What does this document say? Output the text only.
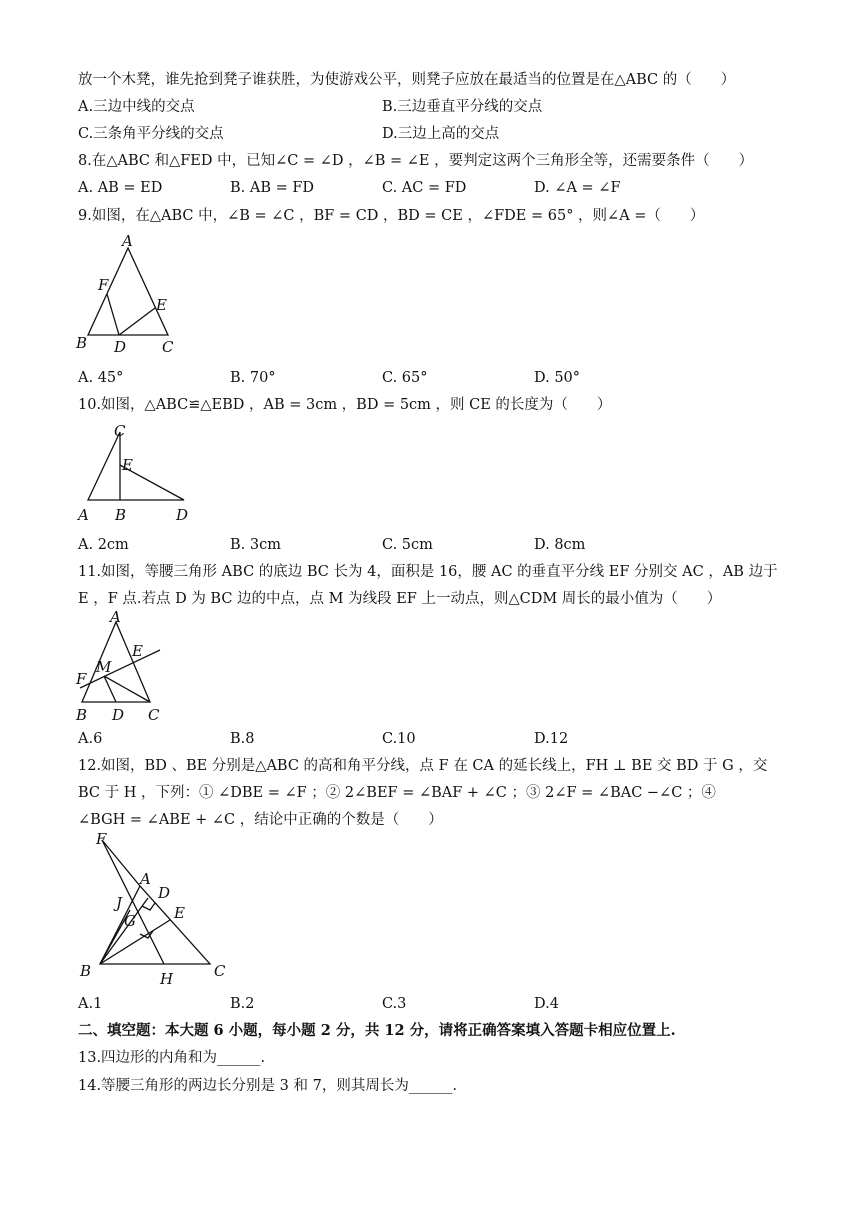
放一个木凳，谁先抢到凳子谁获胜，为使游戏公平，则凳子应放在最适当的位置是在△ABC 的（　　）
A.三边中线的交点	B.三边垂直平分线的交点
C.三条角平分线的交点	D.三边上高的交点
8.在△ABC 和△FED 中，已知∠C = ∠D ，∠B = ∠E ，要判定这两个三角形全等，还需要条件（　　）
A. AB = ED	B. AB = FD	C. AC = FD	D. ∠A = ∠F
9.如图，在△ABC 中，∠B = ∠C ，BF = CD ，BD = CE ，∠FDE = 65° ，则∠A =（　　）
A
F
E
B D C
A. 45°	B. 70°	C. 65°	D. 50°
10.如图，△ABC≌△EBD ，AB = 3cm ，BD = 5cm ，则 CE 的长度为（　　）
C
E
A B	D
A. 2cm	B. 3cm	C. 5cm	D. 8cm
11.如图，等腰三角形 ABC 的底边 BC 长为 4，面积是 16，腰 AC 的垂直平分线 EF 分别交 AC ，AB 边于
E ，F 点.若点 D 为 BC 边的中点，点 M 为线段 EF 上一动点，则△CDM 周长的最小值为（　　）
A
E
M
F
B D C
A.6	B.8	C.10	D.12
12.如图，BD 、BE 分别是△ABC 的高和角平分线，点 F 在 CA 的延长线上，FH ⊥ BE 交 BD 于 G ，交
BC 于 H ，下列：① ∠DBE = ∠F ；② 2∠BEF = ∠BAF + ∠C ；③ 2∠F = ∠BAC −∠C ；④
∠BGH = ∠ABE + ∠C ，结论中正确的个数是（　　）
F
A
D
J
E
G
B	H	C
A.1	B.2	C.3	D.4
二、填空题：本大题 6 小题，每小题 2 分，共 12 分，请将正确答案填入答题卡相应位置上.
13.四边形的内角和为______.
14.等腰三角形的两边长分别是 3 和 7，则其周长为______.
